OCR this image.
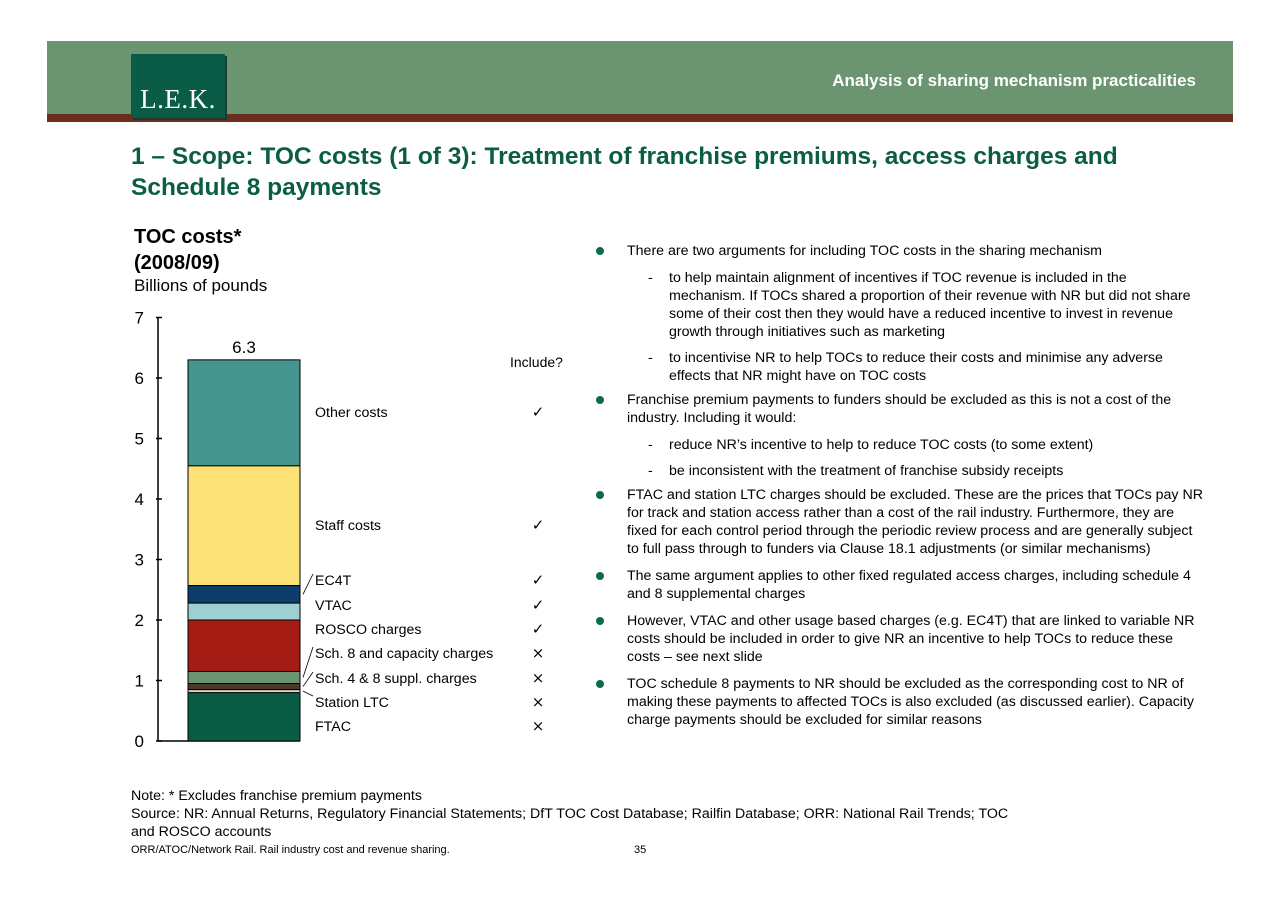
L.E.K.
Analysis of sharing mechanism practicalities
1 – Scope: TOC costs (1 of 3): Treatment of franchise premiums, access charges and Schedule 8 payments
TOC costs*
(2008/09)
Billions of pounds
Include?
0
1
2
3
4
5
6
7
6.3
FTAC	×
Station LTC	×
Sch. 4 & 8 suppl. charges	×
Sch. 8 and capacity charges	×
ROSCO charges	✓
VTAC	✓
EC4T	✓
Staff costs	✓
Other costs	✓
There are two arguments for including TOC costs in the sharing mechanism
- to help maintain alignment of incentives if TOC revenue is included in the mechanism. If TOCs shared a proportion of their revenue with NR but did not share some of their cost then they would have a reduced incentive to invest in revenue growth through initiatives such as marketing
- to incentivise NR to help TOCs to reduce their costs and minimise any adverse effects that NR might have on TOC costs
Franchise premium payments to funders should be excluded as this is not a cost of the industry. Including it would:
- reduce NR’s incentive to help to reduce TOC costs (to some extent)
- be inconsistent with the treatment of franchise subsidy receipts
FTAC and station LTC charges should be excluded. These are the prices that TOCs pay NR for track and station access rather than a cost of the rail industry. Furthermore, they are fixed for each control period through the periodic review process and are generally subject to full pass through to funders via Clause 18.1 adjustments (or similar mechanisms)
The same argument applies to other fixed regulated access charges, including schedule 4 and 8 supplemental charges
However, VTAC and other usage based charges (e.g. EC4T) that are linked to variable NR costs should be included in order to give NR an incentive to help TOCs to reduce these costs – see next slide
TOC schedule 8 payments to NR should be excluded as the corresponding cost to NR of making these payments to affected TOCs is also excluded (as discussed earlier). Capacity charge payments should be excluded for similar reasons
Note: * Excludes franchise premium payments
Source: NR: Annual Returns, Regulatory Financial Statements; DfT TOC Cost Database; Railfin Database; ORR: National Rail Trends; TOC and ROSCO accounts
ORR/ATOC/Network Rail. Rail industry cost and revenue sharing.	35
